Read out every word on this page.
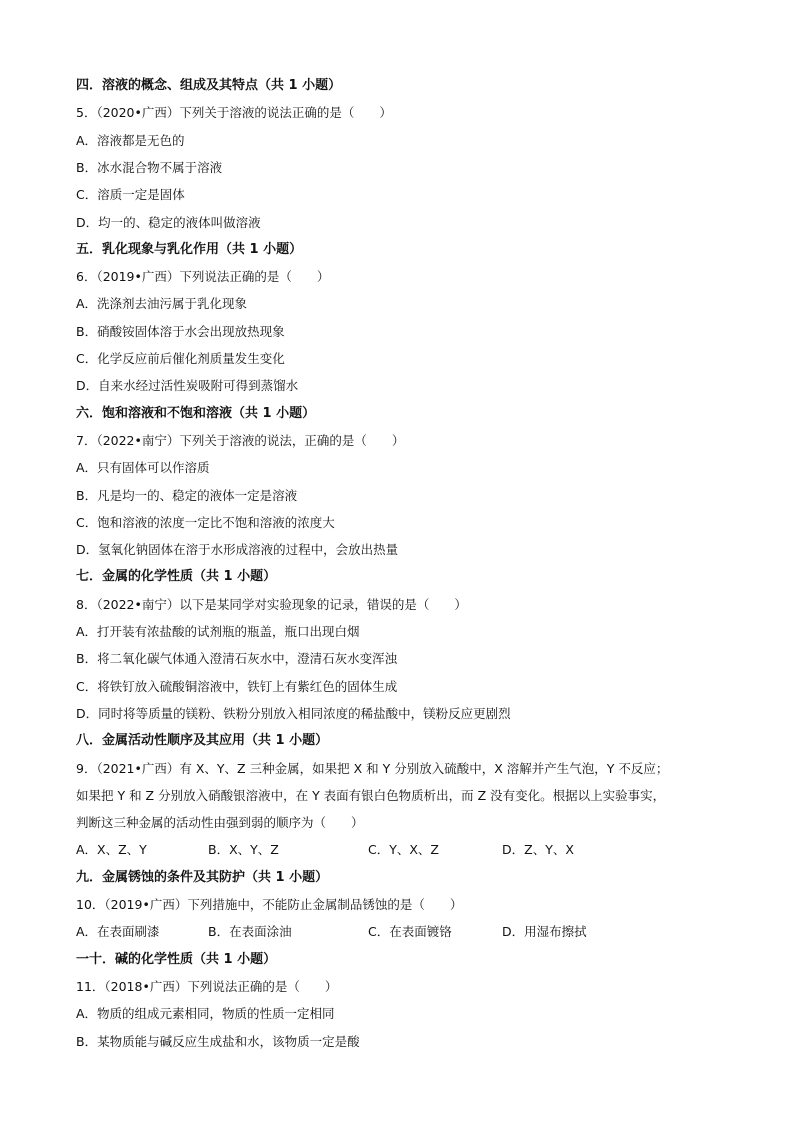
四．溶液的概念、组成及其特点（共 1 小题）
5．（2020•广西）下列关于溶液的说法正确的是（　　）
A．溶液都是无色的
B．冰水混合物不属于溶液
C．溶质一定是固体
D．均一的、稳定的液体叫做溶液
五．乳化现象与乳化作用（共 1 小题）
6．（2019•广西）下列说法正确的是（　　）
A．洗涤剂去油污属于乳化现象
B．硝酸铵固体溶于水会出现放热现象
C．化学反应前后催化剂质量发生变化
D．自来水经过活性炭吸附可得到蒸馏水
六．饱和溶液和不饱和溶液（共 1 小题）
7．（2022•南宁）下列关于溶液的说法，正确的是（　　）
A．只有固体可以作溶质
B．凡是均一的、稳定的液体一定是溶液
C．饱和溶液的浓度一定比不饱和溶液的浓度大
D．氢氧化钠固体在溶于水形成溶液的过程中，会放出热量
七．金属的化学性质（共 1 小题）
8．（2022•南宁）以下是某同学对实验现象的记录，错误的是（　　）
A．打开装有浓盐酸的试剂瓶的瓶盖，瓶口出现白烟
B．将二氧化碳气体通入澄清石灰水中，澄清石灰水变浑浊
C．将铁钉放入硫酸铜溶液中，铁钉上有紫红色的固体生成
D．同时将等质量的镁粉、铁粉分别放入相同浓度的稀盐酸中，镁粉反应更剧烈
八．金属活动性顺序及其应用（共 1 小题）
9．（2021•广西）有 X、Y、Z 三种金属，如果把 X 和 Y 分别放入硫酸中，X 溶解并产生气泡，Y 不反应；
如果把 Y 和 Z 分别放入硝酸银溶液中，在 Y 表面有银白色物质析出，而 Z 没有变化。根据以上实验事实，
判断这三种金属的活动性由强到弱的顺序为（　　）
A．X、Z、Y	B．X、Y、Z	C．Y、X、Z	D．Z、Y、X
九．金属锈蚀的条件及其防护（共 1 小题）
10．（2019•广西）下列措施中，不能防止金属制品锈蚀的是（　　）
A．在表面刷漆	B．在表面涂油	C．在表面镀铬	D．用湿布擦拭
一十．碱的化学性质（共 1 小题）
11．（2018•广西）下列说法正确的是（　　）
A．物质的组成元素相同，物质的性质一定相同
B．某物质能与碱反应生成盐和水，该物质一定是酸
